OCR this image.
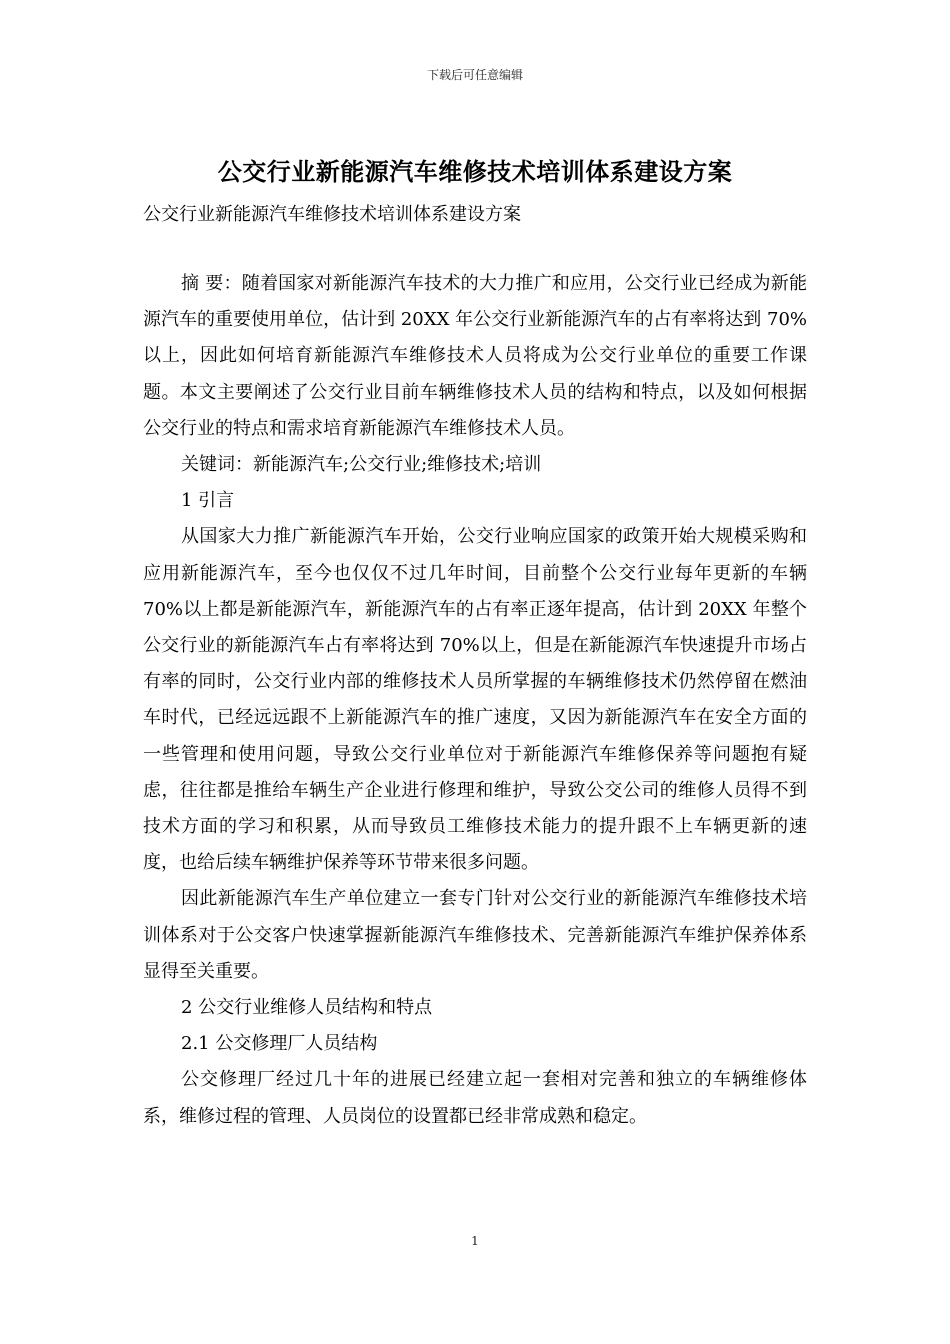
下载后可任意编辑
公交行业新能源汽车维修技术培训体系建设方案
公交行业新能源汽车维修技术培训体系建设方案

摘 要：随着国家对新能源汽车技术的大力推广和应用，公交行业已经成为新能源汽车的重要使用单位，估计到 20XX 年公交行业新能源汽车的占有率将达到 70%以上，因此如何培育新能源汽车维修技术人员将成为公交行业单位的重要工作课题。本文主要阐述了公交行业目前车辆维修技术人员的结构和特点，以及如何根据公交行业的特点和需求培育新能源汽车维修技术人员。

关键词：新能源汽车;公交行业;维修技术;培训

1 引言

从国家大力推广新能源汽车开始，公交行业响应国家的政策开始大规模采购和应用新能源汽车，至今也仅仅不过几年时间，目前整个公交行业每年更新的车辆 70%以上都是新能源汽车，新能源汽车的占有率正逐年提高，估计到 20XX 年整个公交行业的新能源汽车占有率将达到 70%以上，但是在新能源汽车快速提升市场占有率的同时，公交行业内部的维修技术人员所掌握的车辆维修技术仍然停留在燃油车时代，已经远远跟不上新能源汽车的推广速度，又因为新能源汽车在安全方面的一些管理和使用问题，导致公交行业单位对于新能源汽车维修保养等问题抱有疑虑，往往都是推给车辆生产企业进行修理和维护，导致公交公司的维修人员得不到技术方面的学习和积累，从而导致员工维修技术能力的提升跟不上车辆更新的速度，也给后续车辆维护保养等环节带来很多问题。

因此新能源汽车生产单位建立一套专门针对公交行业的新能源汽车维修技术培训体系对于公交客户快速掌握新能源汽车维修技术、完善新能源汽车维护保养体系显得至关重要。

2 公交行业维修人员结构和特点

2.1 公交修理厂人员结构

公交修理厂经过几十年的进展已经建立起一套相对完善和独立的车辆维修体系，维修过程的管理、人员岗位的设置都已经非常成熟和稳定。

1
